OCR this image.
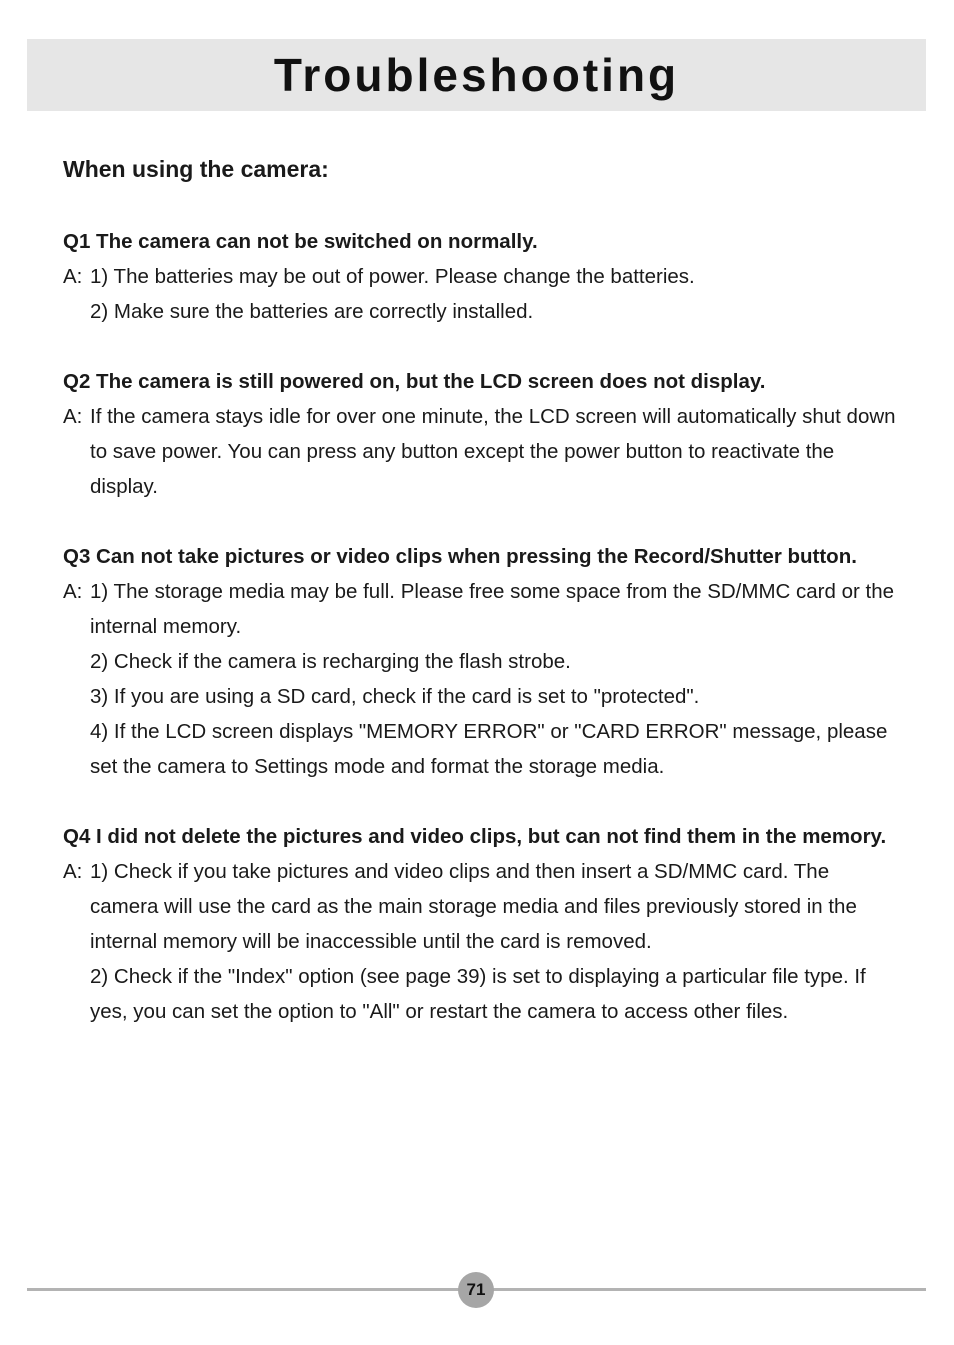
Troubleshooting

When using the camera:

Q1 The camera can not be switched on normally.

A: 1) The batteries may be out of power. Please change the batteries.

2) Make sure the batteries are correctly installed.

Q2 The camera is still powered on, but the LCD screen does not display.

A: If the camera stays idle for over one minute, the LCD screen will automatically shut down to save power. You can press any button except the power button to reactivate the display.

Q3 Can not take pictures or video clips when pressing the Record/Shutter button.

A: 1) The storage media may be full. Please free some space from the SD/MMC card or the internal memory.

2) Check if the camera is recharging the flash strobe.

3) If you are using a SD card, check if the card is set to "protected".

4) If the LCD screen displays "MEMORY ERROR" or "CARD ERROR" message, please set the camera to Settings mode and format the storage media.

Q4 I did not delete the pictures and video clips, but can not find them in the memory.

A: 1) Check if you take pictures and video clips and then insert a SD/MMC card. The camera will use the card as the main storage media and files previously stored in the internal memory will be inaccessible until the card is removed.

2) Check if the "Index" option (see page 39) is set to displaying a particular file type. If yes, you can set the option to "All" or restart the camera to access other files.

71
